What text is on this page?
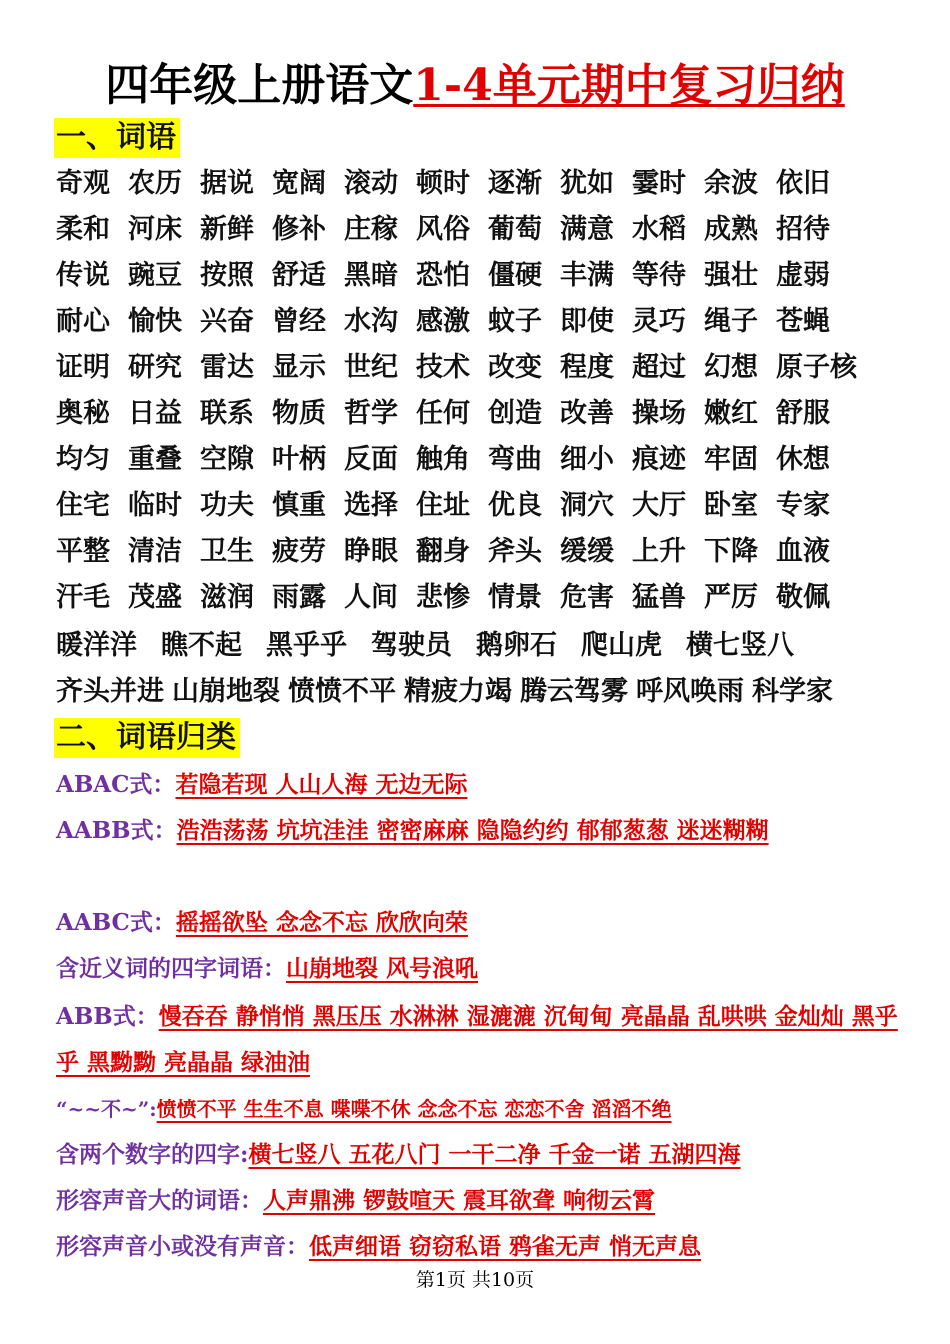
四年级上册语文1-4单元期中复习归纳
一、词语
奇观 农历 据说 宽阔 滚动 顿时 逐渐 犹如 霎时 余波 依旧
柔和 河床 新鲜 修补 庄稼 风俗 葡萄 满意 水稻 成熟 招待
传说 豌豆 按照 舒适 黑暗 恐怕 僵硬 丰满 等待 强壮 虚弱
耐心 愉快 兴奋 曾经 水沟 感激 蚊子 即使 灵巧 绳子 苍蝇
证明 研究 雷达 显示 世纪 技术 改变 程度 超过 幻想 原子核
奥秘 日益 联系 物质 哲学 任何 创造 改善 操场 嫩红 舒服
均匀 重叠 空隙 叶柄 反面 触角 弯曲 细小 痕迹 牢固 休想
住宅 临时 功夫 慎重 选择 住址 优良 洞穴 大厅 卧室 专家
平整 清洁 卫生 疲劳 睁眼 翻身 斧头 缓缓 上升 下降 血液
汗毛 茂盛 滋润 雨露 人间 悲惨 情景 危害 猛兽 严厉 敬佩
暖洋洋 瞧不起 黑乎乎 驾驶员 鹅卵石 爬山虎 横七竖八
齐头并进 山崩地裂 愤愤不平 精疲力竭 腾云驾雾 呼风唤雨 科学家
二、词语归类
ABAC式：若隐若现 人山人海 无边无际
AABB式：浩浩荡荡 坑坑洼洼 密密麻麻 隐隐约约 郁郁葱葱 迷迷糊糊
AABC式：摇摇欲坠 念念不忘 欣欣向荣
含近义词的四字词语：山崩地裂 风号浪吼
ABB式：慢吞吞 静悄悄 黑压压 水淋淋 湿漉漉 沉甸甸 亮晶晶 乱哄哄 金灿灿 黑乎乎 黑黝黝 亮晶晶 绿油油
“~~不~”:愤愤不平 生生不息 喋喋不休 念念不忘 恋恋不舍 滔滔不绝
含两个数字的四字:横七竖八 五花八门 一干二净 千金一诺 五湖四海
形容声音大的词语：人声鼎沸 锣鼓喧天 震耳欲聋 响彻云霄
形容声音小或没有声音：低声细语 窃窃私语 鸦雀无声 悄无声息
第1页 共10页
